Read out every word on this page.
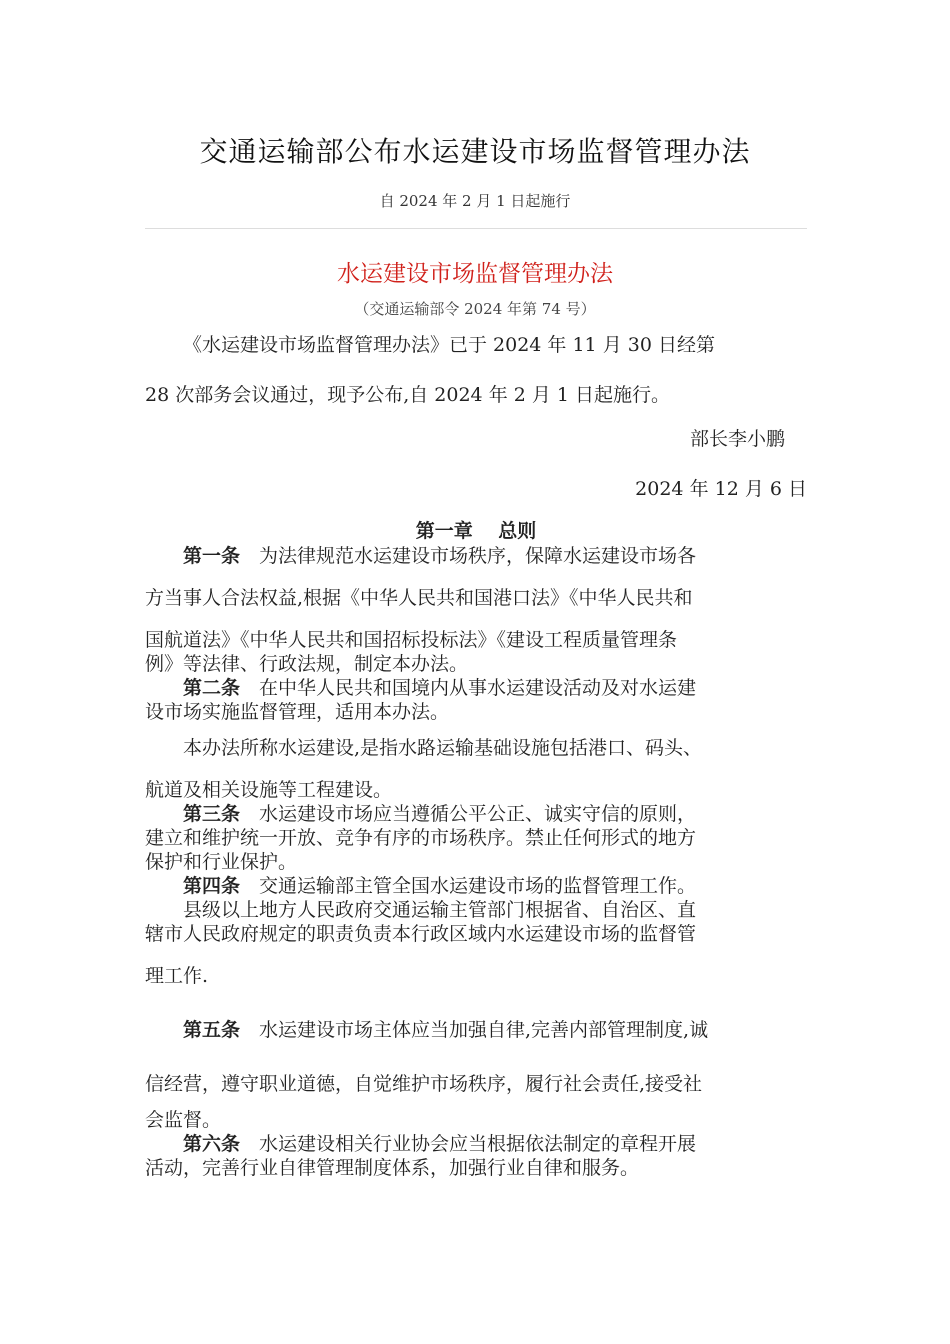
交通运输部公布水运建设市场监督管理办法
自 2024 年 2 月 1 日起施行
水运建设市场监督管理办法
（交通运输部令 2024 年第 74 号）

《水运建设市场监督管理办法》已于 2024 年 11 月 30 日经第

28 次部务会议通过，现予公布,自 2024 年 2 月 1 日起施行。

部长李小鹏

2024 年 12 月 6 日

第一章　 总则

第一条 为法律规范水运建设市场秩序，保障水运建设市场各

方当事人合法权益,根据《中华人民共和国港口法》《中华人民共和

国航道法》《中华人民共和国招标投标法》《建设工程质量管理条

例》等法律、行政法规，制定本办法。

第二条 在中华人民共和国境内从事水运建设活动及对水运建

设市场实施监督管理，适用本办法。

本办法所称水运建设,是指水路运输基础设施包括港口、码头、

航道及相关设施等工程建设。

第三条 水运建设市场应当遵循公平公正、诚实守信的原则，

建立和维护统一开放、竞争有序的市场秩序。禁止任何形式的地方

保护和行业保护。

第四条 交通运输部主管全国水运建设市场的监督管理工作。

县级以上地方人民政府交通运输主管部门根据省、自治区、直

辖市人民政府规定的职责负责本行政区域内水运建设市场的监督管

理工作.

第五条 水运建设市场主体应当加强自律,完善内部管理制度,诚

信经营，遵守职业道德，自觉维护市场秩序，履行社会责任,接受社

会监督。

第六条 水运建设相关行业协会应当根据依法制定的章程开展

活动，完善行业自律管理制度体系，加强行业自律和服务。
